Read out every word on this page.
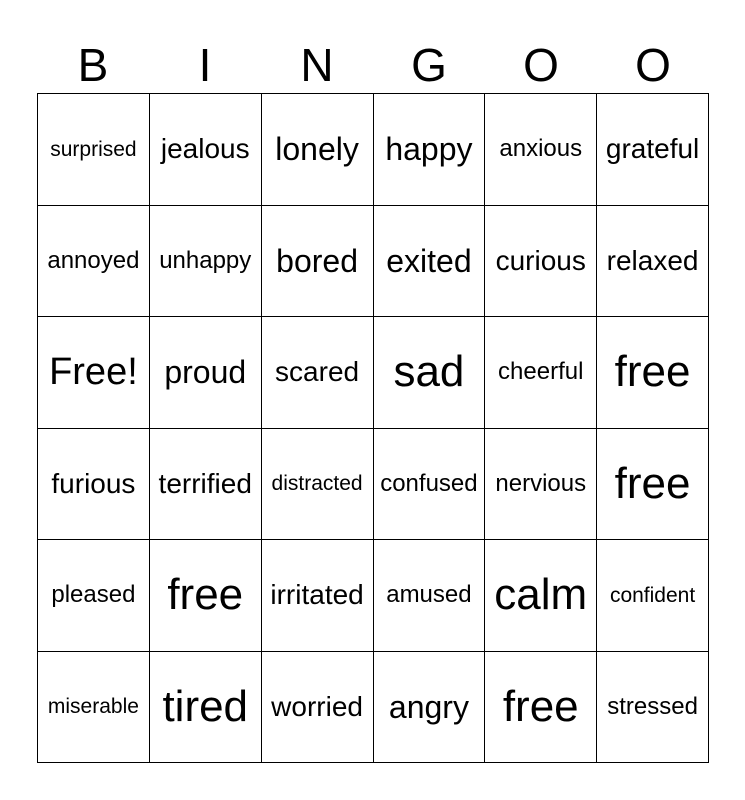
B	I	N	G	O	O
surprised jealous lonely happy anxious grateful
annoyed unhappy bored exited curious relaxed
Free! proud scared sad cheerful free
furious terrified distracted confused nervious free
pleased free irritated amused calm confident
miserable tired worried angry free stressed
